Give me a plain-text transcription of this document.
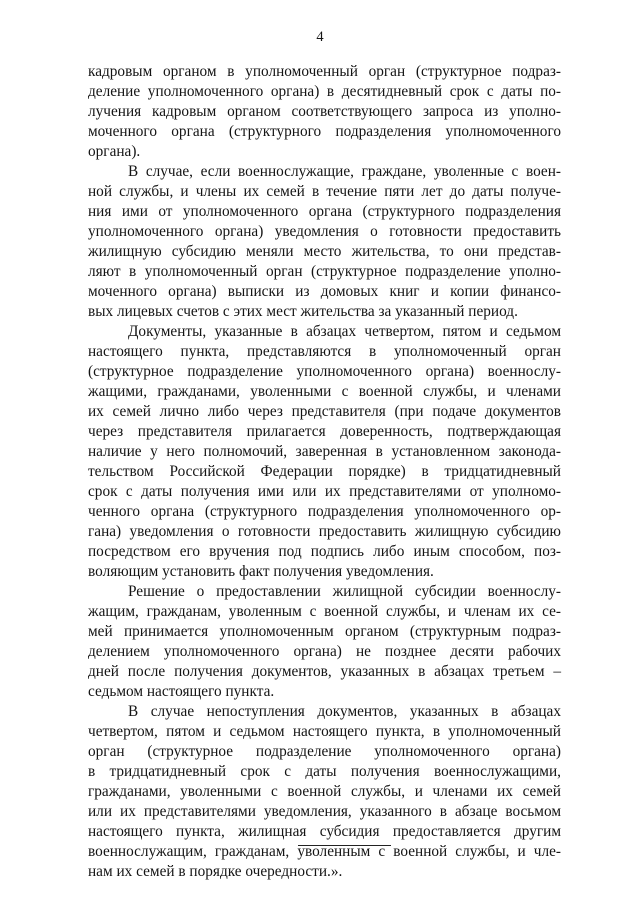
4
кадровым органом в уполномоченный орган (структурное подраз-
деление уполномоченного органа) в десятидневный срок с даты по-
лучения кадровым органом соответствующего запроса из уполно-
моченного органа (структурного подразделения уполномоченного
органа).
В случае, если военнослужащие, граждане, уволенные с воен-
ной службы, и члены их семей в течение пяти лет до даты получе-
ния ими от уполномоченного органа (структурного подразделения
уполномоченного органа) уведомления о готовности предоставить
жилищную субсидию меняли место жительства, то они представ-
ляют в уполномоченный орган (структурное подразделение уполно-
моченного органа) выписки из домовых книг и копии финансо-
вых лицевых счетов с этих мест жительства за указанный период.
Документы, указанные в абзацах четвертом, пятом и седьмом
настоящего пункта, представляются в уполномоченный орган
(структурное подразделение уполномоченного органа) военнослу-
жащими, гражданами, уволенными с военной службы, и членами
их семей лично либо через представителя (при подаче документов
через представителя прилагается доверенность, подтверждающая
наличие у него полномочий, заверенная в установленном законода-
тельством Российской Федерации порядке) в тридцатидневный
срок с даты получения ими или их представителями от уполномо-
ченного органа (структурного подразделения уполномоченного ор-
гана) уведомления о готовности предоставить жилищную субсидию
посредством его вручения под подпись либо иным способом, поз-
воляющим установить факт получения уведомления.
Решение о предоставлении жилищной субсидии военнослу-
жащим, гражданам, уволенным с военной службы, и членам их се-
мей принимается уполномоченным органом (структурным подраз-
делением уполномоченного органа) не позднее десяти рабочих
дней после получения документов, указанных в абзацах третьем –
седьмом настоящего пункта.
В случае непоступления документов, указанных в абзацах
четвертом, пятом и седьмом настоящего пункта, в уполномоченный
орган (структурное подразделение уполномоченного органа)
в тридцатидневный срок с даты получения военнослужащими,
гражданами, уволенными с военной службы, и членами их семей
или их представителями уведомления, указанного в абзаце восьмом
настоящего пункта, жилищная субсидия предоставляется другим
военнослужащим, гражданам, уволенным с военной службы, и чле-
нам их семей в порядке очередности.».
